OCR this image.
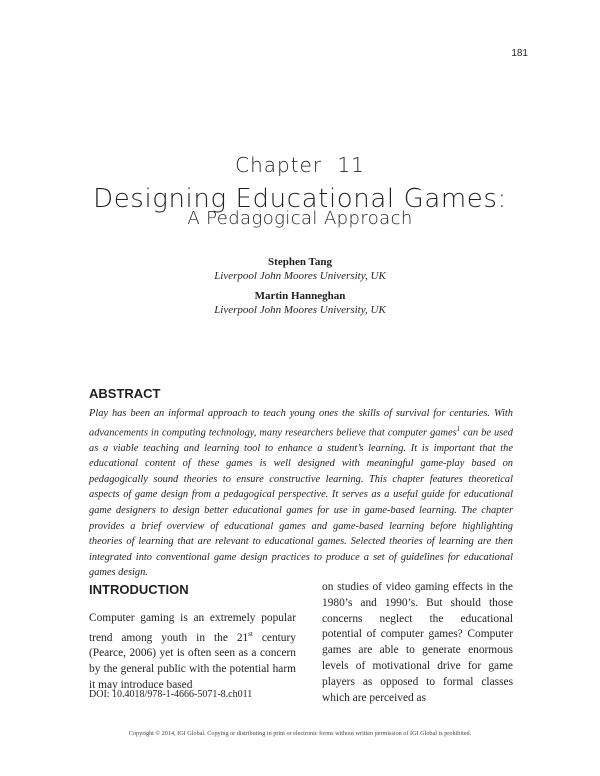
181
Chapter 11
Designing Educational Games:
A Pedagogical Approach
Stephen Tang
Liverpool John Moores University, UK
Martin Hanneghan
Liverpool John Moores University, UK
ABSTRACT

Play has been an informal approach to teach young ones the skills of survival for centuries. With advancements in computing technology, many researchers believe that computer games$^1$ can be used as a viable teaching and learning tool to enhance a student’s learning. It is important that the educational content of these games is well designed with meaningful game-play based on pedagogically sound theories to ensure constructive learning. This chapter features theoretical aspects of game design from a pedagogical perspective. It serves as a useful guide for educational game designers to design better educational games for use in game-based learning. The chapter provides a brief overview of educational games and game-based learning before highlighting theories of learning that are relevant to educational games. Selected theories of learning are then integrated into conventional game design practices to produce a set of guidelines for educational games design.

INTRODUCTION

Computer gaming is an extremely popular trend among youth in the 21st century (Pearce, 2006) yet is often seen as a concern by the general public with the potential harm it may introduce based

on studies of video gaming effects in the 1980’s and 1990’s. But should those concerns neglect the educational potential of computer games? Computer games are able to generate enormous levels of motivational drive for game players as opposed to formal classes which are perceived as

DOI: 10.4018/978-1-4666-5071-8.ch011
Copyright © 2014, IGI Global. Copying or distributing in print or electronic forms without written permission of IGI Global is prohibited.
